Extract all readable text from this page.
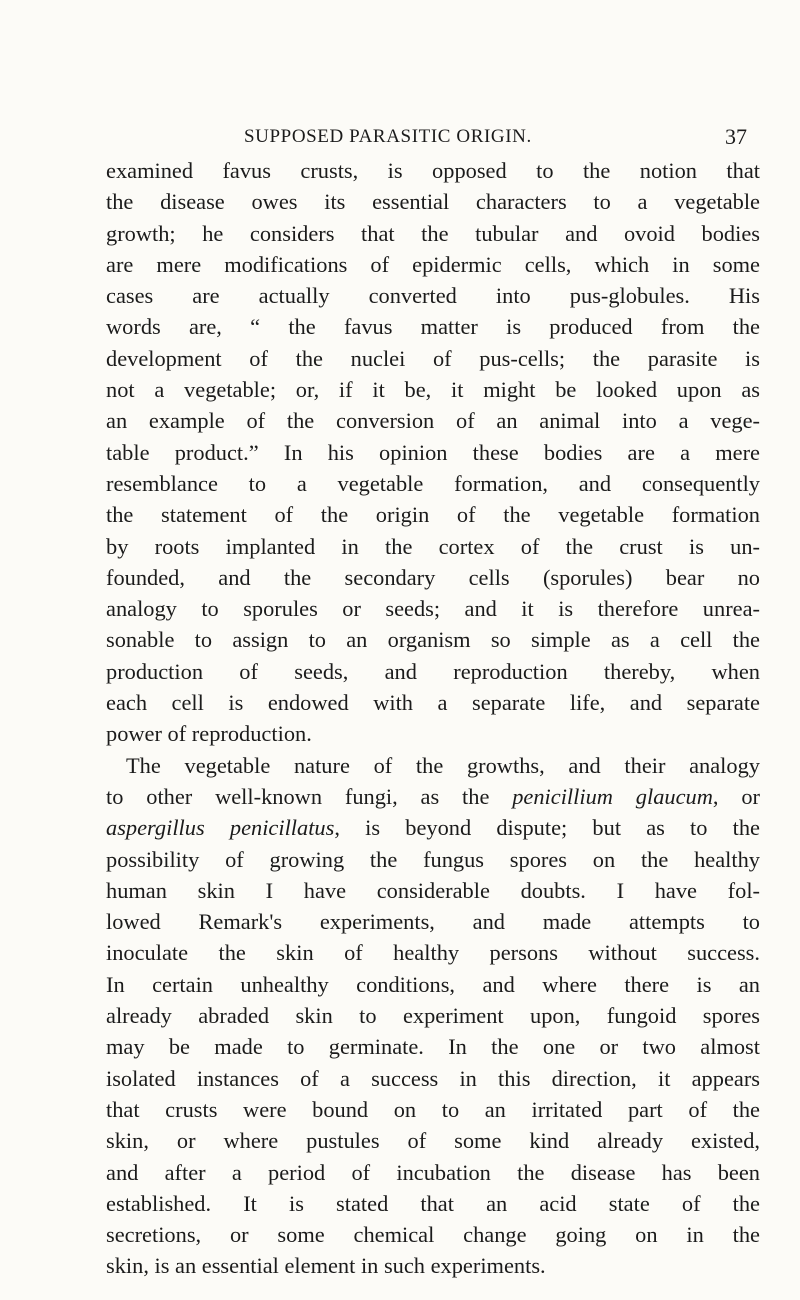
SUPPOSED PARASITIC ORIGIN.	37
examined favus crusts, is opposed to the notion that
the disease owes its essential characters to a vegetable
growth; he considers that the tubular and ovoid bodies
are mere modifications of epidermic cells, which in some
cases are actually converted into pus-globules. His
words are, “ the favus matter is produced from the
development of the nuclei of pus-cells; the parasite is
not a vegetable; or, if it be, it might be looked upon as
an example of the conversion of an animal into a vege-
table product.” In his opinion these bodies are a mere
resemblance to a vegetable formation, and consequently
the statement of the origin of the vegetable formation
by roots implanted in the cortex of the crust is un-
founded, and the secondary cells (sporules) bear no
analogy to sporules or seeds; and it is therefore unrea-
sonable to assign to an organism so simple as a cell the
production of seeds, and reproduction thereby, when
each cell is endowed with a separate life, and separate
power of reproduction.
The vegetable nature of the growths, and their analogy
to other well-known fungi, as the penicillium glaucum, or
aspergillus penicillatus, is beyond dispute; but as to the
possibility of growing the fungus spores on the healthy
human skin I have considerable doubts. I have fol-
lowed Remark's experiments, and made attempts to
inoculate the skin of healthy persons without success.
In certain unhealthy conditions, and where there is an
already abraded skin to experiment upon, fungoid spores
may be made to germinate. In the one or two almost
isolated instances of a success in this direction, it appears
that crusts were bound on to an irritated part of the
skin, or where pustules of some kind already existed,
and after a period of incubation the disease has been
established. It is stated that an acid state of the
secretions, or some chemical change going on in the
skin, is an essential element in such experiments.
